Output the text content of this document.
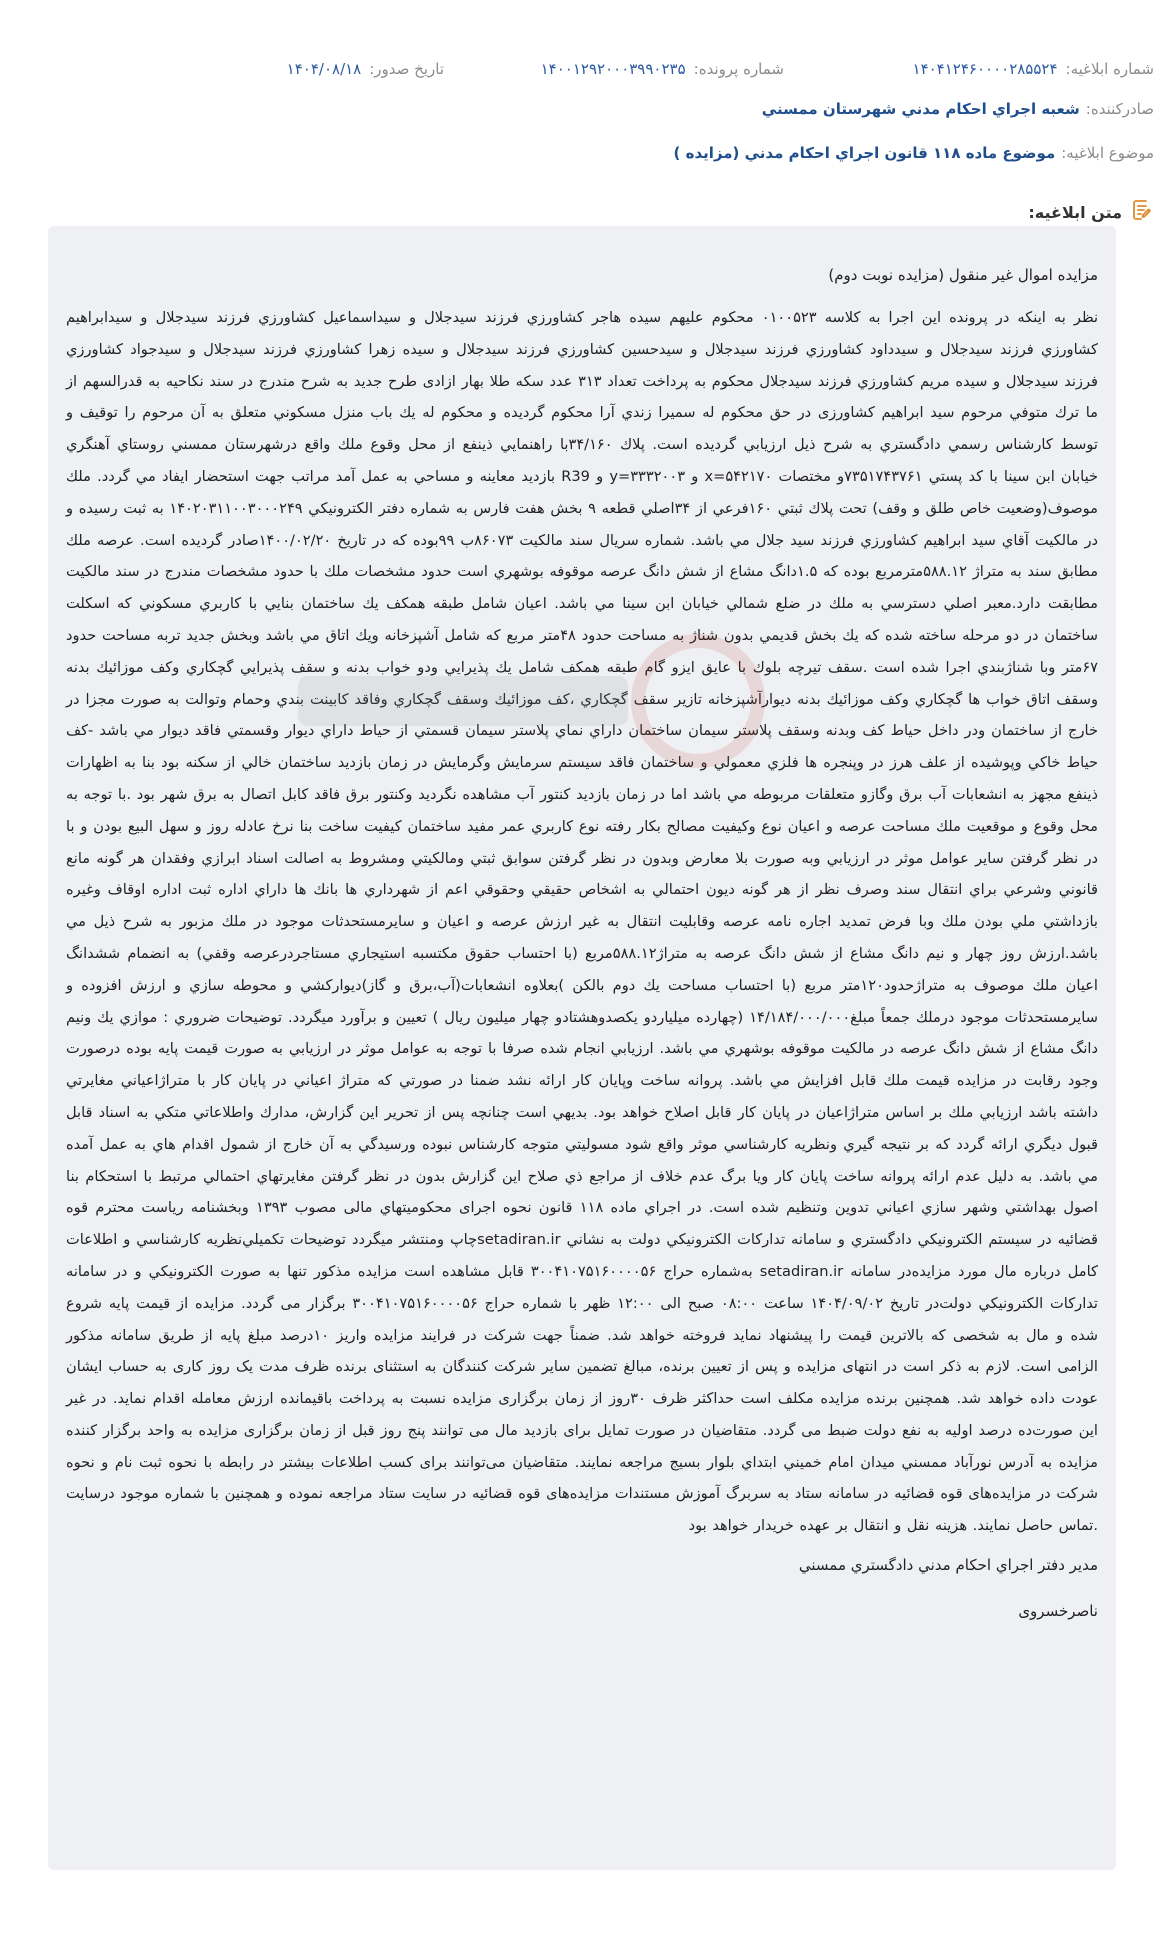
شماره ابلاغیه:
۱۴۰۴۱۲۴۶۰۰۰۰۲۸۵۵۲۴
شماره پرونده:
۱۴۰۰۱۲۹۲۰۰۰۳۹۹۰۲۳۵
تاریخ صدور:
۱۴۰۴/۰۸/۱۸
صادرکننده:
شعبه اجراي احكام مدني شهرستان ممسني
موضوع ابلاغیه:
موضوع ماده ۱۱۸ قانون اجراي احكام مدني (مزايده )
متن ابلاغیه:
مزايده اموال غير منقول (مزايده نوبت دوم)
نظر به اينكه در پرونده اين اجرا به كلاسه ۰۱۰۰۵۲۳ محكوم عليهم سيده هاجر كشاورزي فرزند سيدجلال و سيداسماعيل كشاورزي فرزند سيدجلال و سيدابراهيم كشاورزي فرزند سيدجلال و سيدداود كشاورزي فرزند سيدجلال و سيدحسين كشاورزي فرزند سيدجلال و سيده زهرا كشاورزي فرزند سيدجلال و سيدجواد كشاورزي فرزند سيدجلال و سيده مريم كشاورزي فرزند سيدجلال محكوم به پرداخت تعداد ۳۱۳ عدد سكه طلا بهار ازادى طرح جديد به شرح مندرج در سند نكاحيه به قدرالسهم از ما ترك متوفي مرحوم سيد ابراهيم كشاورزى در حق محكوم له سميرا زندي آرا محكوم گرديده و محكوم له يك باب منزل مسكوني متعلق به آن مرحوم را توقيف و توسط كارشناس رسمي دادگستري به شرح ذيل ارزيابي گرديده است. پلاك ۳۴/۱۶۰با راهنمايي ذينفع از محل وقوع ملك واقع درشهرستان ممسني روستاي آهنگري خيابان ابن سينا با كد پستي ۷۳۵۱۷۴۳۷۶۱و مختصات ۵۴۲۱۷۰=x و ۳۳۳۲۰۰۳=y و R39 بازديد معاينه و مساحي به عمل آمد مراتب جهت استحضار ايفاد مي گردد. ملك موصوف(وضعيت خاص طلق و وقف) تحت پلاك ثبتي ۱۶۰فرعي از ۳۴اصلي قطعه ۹ بخش هفت فارس به شماره دفتر الكترونيكي ۱۴۰۲۰۳۱۱۰۰۳۰۰۰۲۴۹ به ثبت رسيده و در مالكيت آقاي سيد ابراهيم كشاورزي فرزند سيد جلال مي باشد. شماره سريال سند مالكيت ۸۶۰۷۳ب ۹۹بوده كه در تاريخ ۱۴۰۰/۰۲/۲۰صادر گرديده است. عرصه ملك مطابق سند به متراژ ۵۸۸.۱۲مترمربع بوده كه ۱.۵دانگ مشاع از شش دانگ عرصه موقوفه بوشهري است حدود مشخصات ملك با حدود مشخصات مندرج در سند مالكيت مطابقت دارد.معبر اصلي دسترسي به ملك در ضلع شمالي خيابان ابن سينا مي باشد. اعيان شامل طبقه همكف يك ساختمان بنايي با كاربري مسكوني كه اسكلت ساختمان در دو مرحله ساخته شده كه يك بخش قديمي بدون شناژ به مساحت حدود ۴۸متر مربع كه شامل آشپزخانه ويك اتاق مي باشد وبخش جديد تربه مساحت حدود ۶۷متر وبا شناژبندي اجرا شده است .سقف تيرچه بلوك با عايق ايزو گام طبقه همكف شامل يك پذيرايي ودو خواب بدنه و سقف پذيرايي گچكاري وكف موزائيك بدنه وسقف اتاق خواب ها گچكاري وكف موزائيك بدنه ديوارآشپزخانه تازير سقف گچكاري ،كف موزائيك وسقف گچكاري وفاقد كابينت بندي وحمام وتوالت به صورت مجزا در خارج از ساختمان ودر داخل حياط كف وبدنه وسقف پلاستر سيمان ساختمان داراي نماي پلاستر سيمان قسمتي از حياط داراي ديوار وقسمتي فاقد ديوار مي باشد -كف حياط خاكي وپوشيده از علف هرز در وپنجره ها فلزي معمولي و ساختمان فاقد سيستم سرمايش وگرمايش در زمان بازديد ساختمان خالي از سكنه بود بنا به اظهارات ذينفع مجهز به انشعابات آب برق وگازو متعلقات مربوطه مي باشد اما در زمان بازديد كنتور آب مشاهده نگرديد وكنتور برق فاقد كابل اتصال به برق شهر بود .با توجه به محل وقوع و موقعيت ملك مساحت عرصه و اعيان نوع وكيفيت مصالح بكار رفته نوع كاربري عمر مفيد ساختمان كيفيت ساخت بنا نرخ عادله روز و سهل البيع بودن و با در نظر گرفتن ساير عوامل موثر در ارزيابي وبه صورت بلا معارض وبدون در نظر گرفتن سوابق ثبتي ومالكيتي ومشروط به اصالت اسناد ابرازي وفقدان هر گونه مانع قانوني وشرعي براي انتقال سند وصرف نظر از هر گونه ديون احتمالي به اشخاص حقيقي وحقوقي اعم از شهرداري ها بانك ها داراي اداره ثبت اداره اوقاف وغيره بازداشتي ملي بودن ملك وبا فرض تمديد اجاره نامه عرصه وقابليت انتقال به غير ارزش عرصه و اعيان و سايرمستحدثات موجود در ملك مزبور به شرح ذيل مي باشد.ارزش روز چهار و نيم دانگ مشاع از شش دانگ عرصه به متراژ۵۸۸.۱۲مربع (با احتساب حقوق مكتسبه استيجاري مستاجردرعرصه وقفي) به انضمام ششدانگ اعيان ملك موصوف به متراژحدود۱۲۰متر مربع (با احتساب مساحت يك دوم بالكن )بعلاوه انشعابات(آب،برق و گاز)ديواركشي و محوطه سازي و ارزش افزوده و سايرمستحدثات موجود درملك جمعاً مبلغ۱۴/۱۸۴/۰۰۰/۰۰۰ (چهارده ميلياردو يكصدوهشتادو چهار ميليون ريال ) تعيين و برآورد ميگردد. توضيحات ضروري : موازي يك ونيم دانگ مشاع از شش دانگ عرصه در مالكيت موقوفه بوشهري مي باشد. ارزيابي انجام شده صرفا با توجه به عوامل موثر در ارزيابي به صورت قيمت پايه بوده درصورت وجود رقابت در مزايده قيمت ملك قابل افزايش مي باشد. پروانه ساخت وپايان كار ارائه نشد ضمنا در صورتي كه متراژ اعياني در پايان كار با متراژاعياني مغايرتي داشته باشد ارزيابي ملك بر اساس متراژاعيان در پايان كار قابل اصلاح خواهد بود. بديهي است چنانچه پس از تحرير اين گزارش، مدارك واطلاعاتي متكي به اسناد قابل قبول ديگري ارائه گردد كه بر نتيجه گيري ونظريه كارشناسي موثر واقع شود مسوليتي متوجه كارشناس نبوده ورسيدگي به آن خارج از شمول اقدام هاي به عمل آمده مي باشد. به دليل عدم ارائه پروانه ساخت پايان كار ويا برگ عدم خلاف از مراجع ذي صلاح اين گزارش بدون در نظر گرفتن مغايرتهاي احتمالي مرتبط با استحكام بنا اصول بهداشتي وشهر سازي اعياني تدوين وتنظيم شده است. در اجراي ماده ۱۱۸ قانون نحوه اجراى محکوميتهاي مالى مصوب ۱۳۹۳ وبخشنامه رياست محترم قوه قضائيه در سيستم الكترونيكي دادگستري و سامانه تداركات الكترونيكي دولت به نشاني setadiran.irچاپ ومنتشر ميگردد توضيحات تكميلي‌نظريه كارشناسي و اطلاعات كامل درباره مال مورد مزايده‌در سامانه setadiran.ir به‌شماره حراج ۳۰۰۴۱۰۷۵۱۶۰۰۰۰۵۶ قابل مشاهده است مزايده مذكور تنها به صورت الكترونيكي و در سامانه تداركات الكترونيكي دولت‌در تاريخ ۱۴۰۴/۰۹/۰۲ ساعت ۰۸:۰۰ صبح الى ۱۲:۰۰ ظهر با شماره حراج ۳۰۰۴۱۰۷۵۱۶۰۰۰۰۵۶ برگزار مى گردد. مزايده از قيمت پايه شروع شده و مال به شخصى كه بالاترين قيمت را پيشنهاد نمايد فروخته خواهد شد. ضمناً جهت شركت در فرايند مزايده واريز ۱۰درصد مبلغ پايه از طريق سامانه مذكور الزامى است. لازم به ذكر است در انتهاى مزايده و پس از تعيين برنده، مبالغ تضمين ساير شركت كنندگان به استثناى برنده ظرف مدت يک روز كارى به حساب ايشان عودت داده خواهد شد. همچنين برنده مزايده مكلف است حداكثر ظرف ۳۰روز از زمان برگزارى مزايده نسبت به پرداخت باقيمانده ارزش معامله اقدام نمايد. در غير اين صورت‌ده درصد اوليه به نفع دولت ضبط مى گردد. متقاضيان در صورت تمايل براى بازديد مال مى توانند پنج روز قبل از زمان برگزارى مزايده به واحد برگزار كننده مزايده به آدرس نورآباد ممسني ميدان امام خميني ابتداي بلوار بسيج مراجعه نمايند. متقاضيان مى‌توانند براى كسب اطلاعات بيشتر در رابطه با نحوه ثبت نام و نحوه شركت در مزايده‌هاى قوه قضائيه در سامانه ستاد به سربرگ آموزش مستندات مزايده‌هاى قوه قضائيه در سايت ستاد مراجعه نموده و همچنين با شماره موجود درسايت .تماس حاصل نمايند. هزينه نقل و انتقال بر عهده خريدار خواهد بود
مدير دفتر اجراي احكام مدني دادگستري ممسني
ناصرخسروى
